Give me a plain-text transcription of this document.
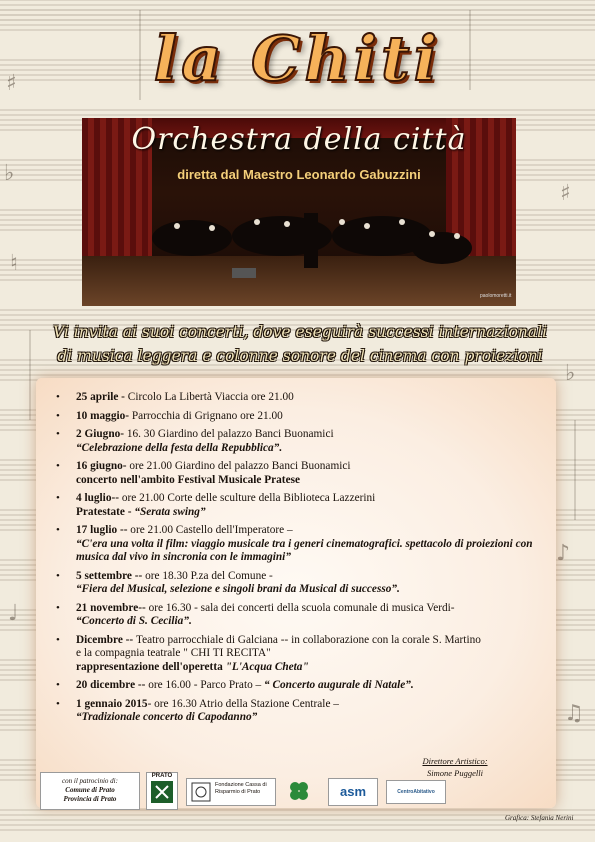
♯
♭
♮
♯
♭
♪
♩
♫
la Chiti
Orchestra della città
diretta dal Maestro Leonardo Gabuzzini
paolomoretti.it
Vi invita ai suoi concerti, dove eseguirà successi internazionali
di musica leggera e colonne sonore del cinema con proiezioni
• 25 aprile - Circolo La Libertà Viaccia ore 21.00
• 10 maggio- Parrocchia di Grignano ore 21.00
• 2 Giugno- 16. 30 Giardino del palazzo Banci Buonamici
“Celebrazione della festa della Repubblica”.
• 16 giugno- ore 21.00 Giardino del palazzo Banci Buonamici
concerto nell'ambito Festival Musicale Pratese
• 4 luglio-- ore 21.00 Corte delle sculture della Biblioteca Lazzerini
Pratestate - “Serata swing”
• 17 luglio -- ore 21.00 Castello dell'Imperatore –
“C'era una volta il film: viaggio musicale tra i generi cinematografici. spettacolo di proiezioni con musica dal vivo in sincronia con le immagini”
• 5 settembre -- ore 18.30 P.za del Comune -
“Fiera del Musical, selezione e singoli brani da Musical di successo”.
• 21 novembre-- ore 16.30 - sala dei concerti della scuola comunale di musica Verdi-
“Concerto di S. Cecilia”.
• Dicembre -- Teatro parrocchiale di Galciana -- in collaborazione con la corale S. Martino
e la compagnia teatrale " CHI TI RECITA"
rappresentazione dell'operetta "L'Acqua Cheta"
• 20 dicembre -- ore 16.00 - Parco Prato – “ Concerto augurale di Natale”.
• 1 gennaio 2015- ore 16.30 Atrio della Stazione Centrale –
“Tradizionale concerto di Capodanno”
Direttore Artistico:
Simone Puggelli
con il patrocinio di:
Comune di Prato
Provincia di Prato
PRATO
Fondazione Cassa di Risparmio di Prato	asm	CentroAbitativo
Grafica: Stefania Nerini
